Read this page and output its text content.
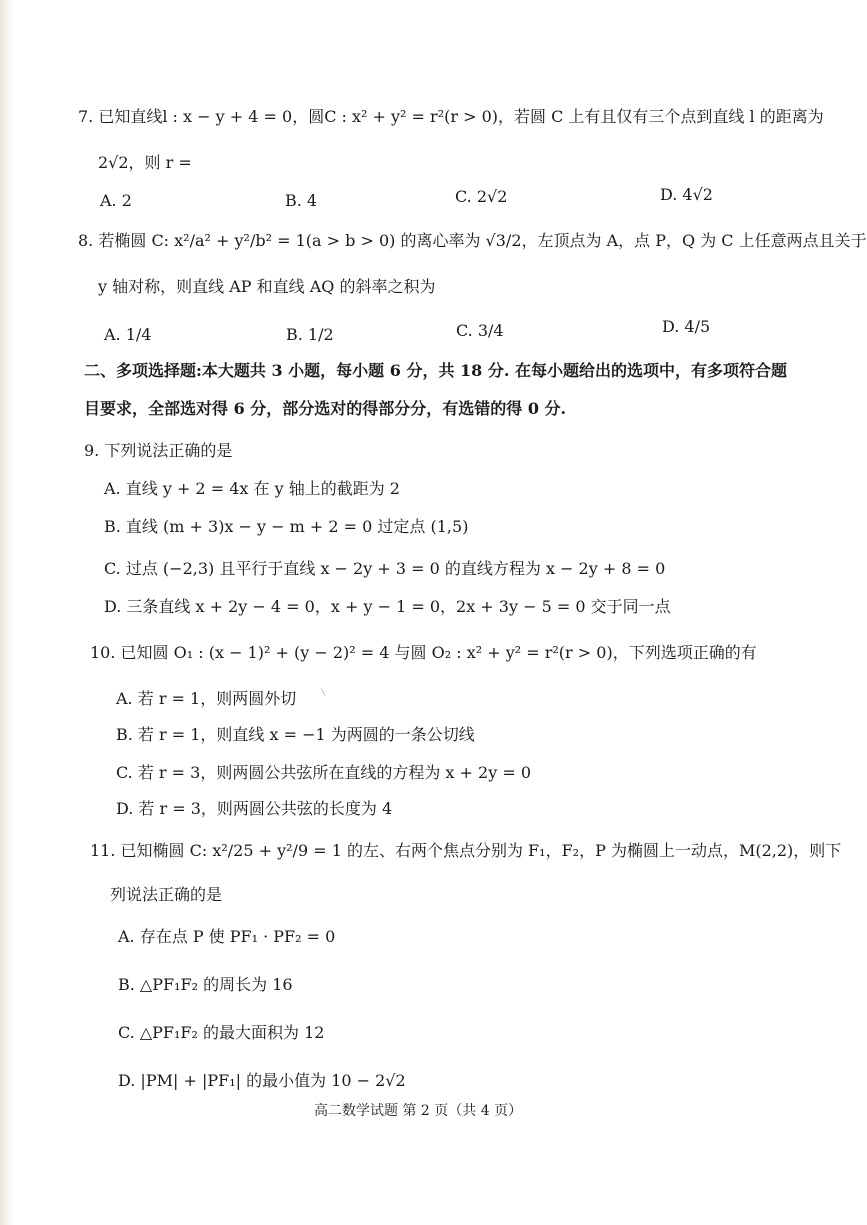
7. 已知直线l : x − y + 4 = 0，圆C : x² + y² = r²(r > 0)，若圆 C 上有且仅有三个点到直线 l 的距离为
2√2，则 r =
A. 2	B. 4	C. 2√2	D. 4√2
8. 若椭圆 C: x²/a² + y²/b² = 1(a > b > 0) 的离心率为 √3/2，左顶点为 A，点 P，Q 为 C 上任意两点且关于
y 轴对称，则直线 AP 和直线 AQ 的斜率之积为
A. 1/4	B. 1/2	C. 3/4	D. 4/5
二、多项选择题:本大题共 3 小题，每小题 6 分，共 18 分. 在每小题给出的选项中，有多项符合题
目要求，全部选对得 6 分，部分选对的得部分分，有选错的得 0 分.
9. 下列说法正确的是
A. 直线 y + 2 = 4x 在 y 轴上的截距为 2
B. 直线 (m + 3)x − y − m + 2 = 0 过定点 (1,5)
C. 过点 (−2,3) 且平行于直线 x − 2y + 3 = 0 的直线方程为 x − 2y + 8 = 0
D. 三条直线 x + 2y − 4 = 0，x + y − 1 = 0，2x + 3y − 5 = 0 交于同一点
10. 已知圆 O₁ : (x − 1)² + (y − 2)² = 4 与圆 O₂ : x² + y² = r²(r > 0)，下列选项正确的有
A. 若 r = 1，则两圆外切
B. 若 r = 1，则直线 x = −1 为两圆的一条公切线
C. 若 r = 3，则两圆公共弦所在直线的方程为 x + 2y = 0
D. 若 r = 3，则两圆公共弦的长度为 4
11. 已知椭圆 C: x²/25 + y²/9 = 1 的左、右两个焦点分别为 F₁，F₂，P 为椭圆上一动点，M(2,2)，则下
列说法正确的是
A. 存在点 P 使 PF₁ · PF₂ = 0
B. △PF₁F₂ 的周长为 16
C. △PF₁F₂ 的最大面积为 12
D. |PM| + |PF₁| 的最小值为 10 − 2√2
高二数学试题 第 2 页（共 4 页）
